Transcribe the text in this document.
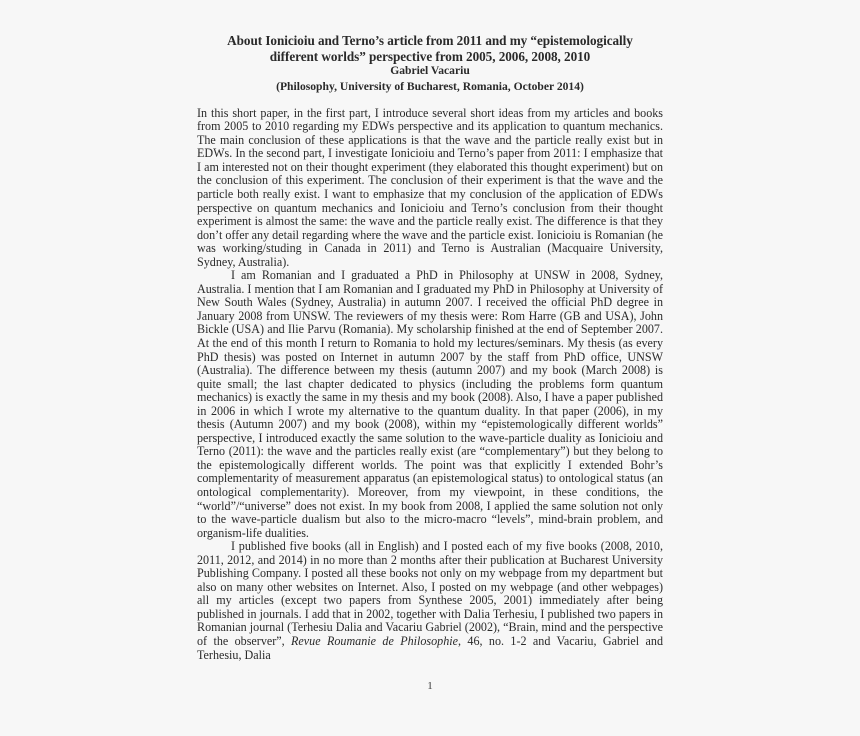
About Ionicioiu and Terno’s article from 2011 and my “epistemologically
different worlds” perspective from 2005, 2006, 2008, 2010
Gabriel Vacariu
(Philosophy, University of Bucharest, Romania, October 2014)

In this short paper, in the first part, I introduce several short ideas from my articles and books from 2005 to 2010 regarding my EDWs perspective and its application to quantum mechanics. The main conclusion of these applications is that the wave and the particle really exist but in EDWs. In the second part, I investigate Ionicioiu and Terno’s paper from 2011: I emphasize that I am interested not on their thought experiment (they elaborated this thought experiment) but on the conclusion of this experiment. The conclusion of their experiment is that the wave and the particle both really exist. I want to emphasize that my conclusion of the application of EDWs perspective on quantum mechanics and Ionicioiu and Terno’s conclusion from their thought experiment is almost the same: the wave and the particle really exist. The difference is that they don’t offer any detail regarding where the wave and the particle exist. Ionicioiu is Romanian (he was working/studing in Canada in 2011) and Terno is Australian (Macquaire University, Sydney, Australia).

I am Romanian and I graduated a PhD in Philosophy at UNSW in 2008, Sydney, Australia. I mention that I am Romanian and I graduated my PhD in Philosophy at University of New South Wales (Sydney, Australia) in autumn 2007. I received the official PhD degree in January 2008 from UNSW. The reviewers of my thesis were: Rom Harre (GB and USA), John Bickle (USA) and Ilie Parvu (Romania). My scholarship finished at the end of September 2007. At the end of this month I return to Romania to hold my lectures/seminars. My thesis (as every PhD thesis) was posted on Internet in autumn 2007 by the staff from PhD office, UNSW (Australia). The difference between my thesis (autumn 2007) and my book (March 2008) is quite small; the last chapter dedicated to physics (including the problems form quantum mechanics) is exactly the same in my thesis and my book (2008). Also, I have a paper published in 2006 in which I wrote my alternative to the quantum duality. In that paper (2006), in my thesis (Autumn 2007) and my book (2008), within my “epistemologically different worlds” perspective, I introduced exactly the same solution to the wave-particle duality as Ionicioiu and Terno (2011): the wave and the particles really exist (are “complementary”) but they belong to the epistemologically different worlds. The point was that explicitly I extended Bohr’s complementarity of measurement apparatus (an epistemological status) to ontological status (an ontological complementarity). Moreover, from my viewpoint, in these conditions, the “world”/“universe” does not exist. In my book from 2008, I applied the same solution not only to the wave-particle dualism but also to the micro-macro “levels”, mind-brain problem, and organism-life dualities.

I published five books (all in English) and I posted each of my five books (2008, 2010, 2011, 2012, and 2014) in no more than 2 months after their publication at Bucharest University Publishing Company. I posted all these books not only on my webpage from my department but also on many other websites on Internet. Also, I posted on my webpage (and other webpages) all my articles (except two papers from Synthese 2005, 2001) immediately after being published in journals. I add that in 2002, together with Dalia Terhesiu, I published two papers in Romanian journal (Terhesiu Dalia and Vacariu Gabriel (2002), “Brain, mind and the perspective of the observer”, Revue Roumanie de Philosophie, 46, no. 1-2 and Vacariu, Gabriel and Terhesiu, Dalia

1
